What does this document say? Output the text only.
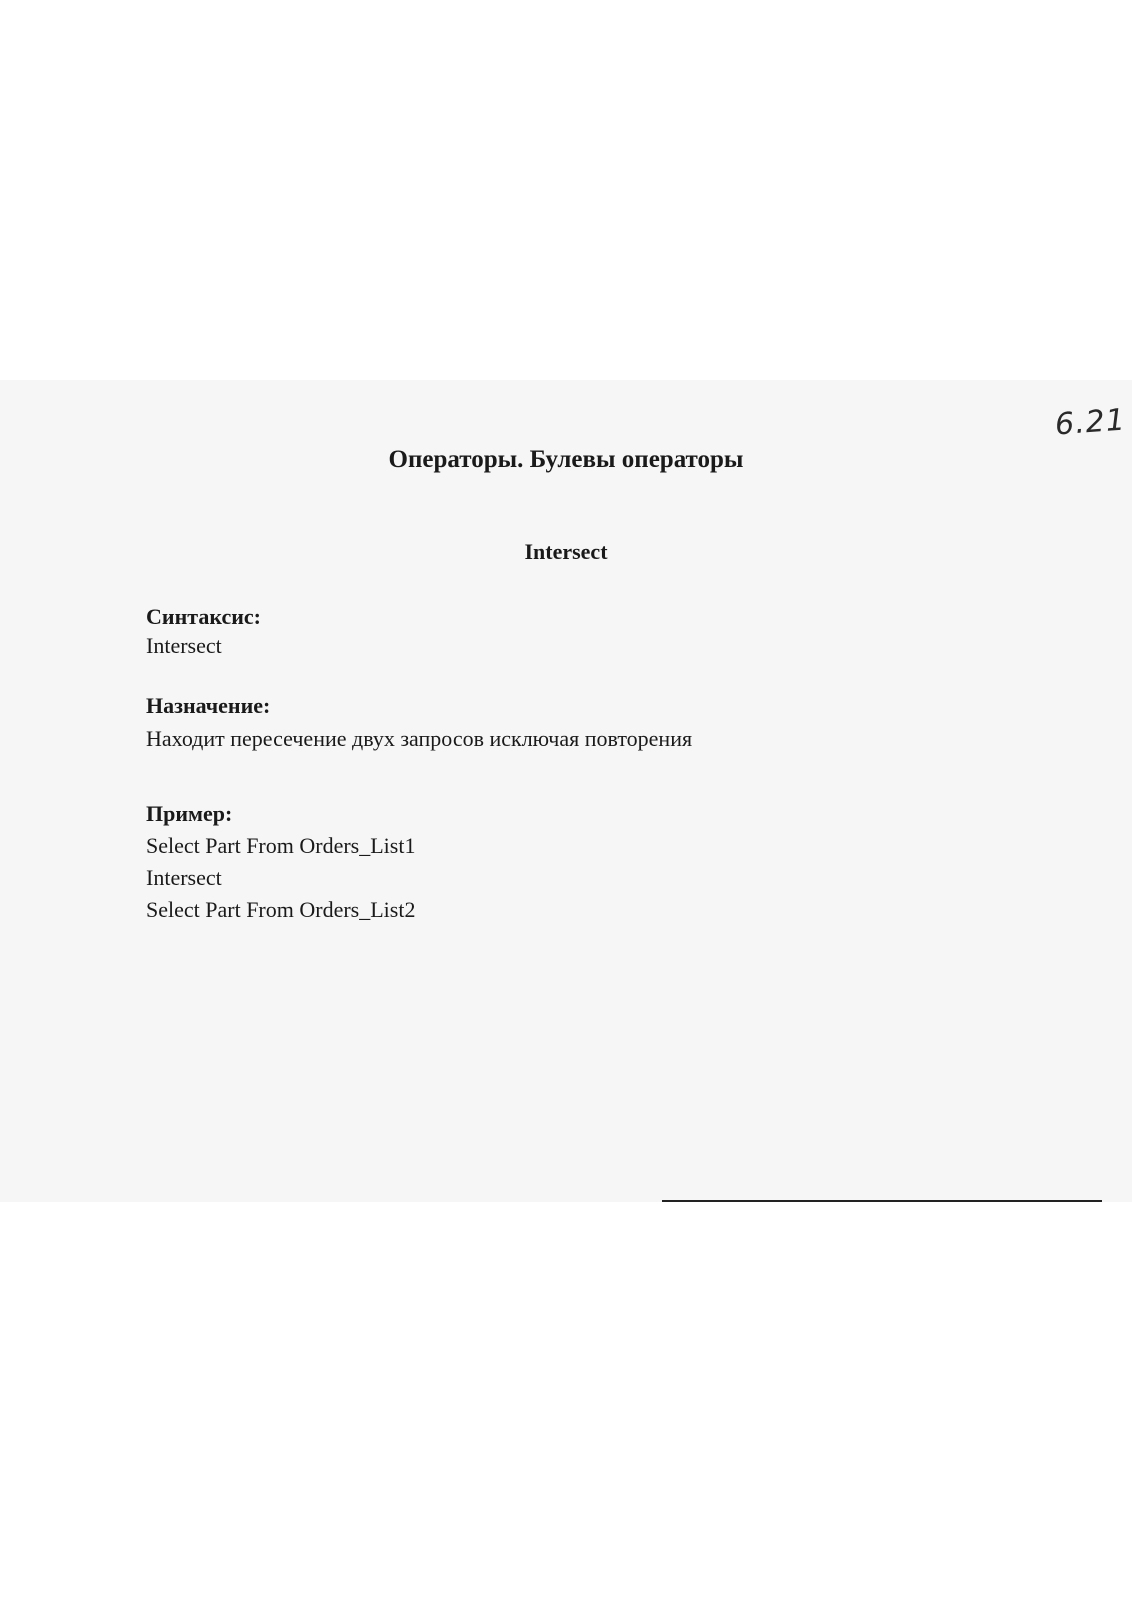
6.21
Операторы. Булевы операторы
Intersect
Синтаксис:
Intersect
Назначение:
Находит пересечение двух запросов исключая повторения
Пример:
Select Part From Orders_List1
Intersect
Select Part From Orders_List2
